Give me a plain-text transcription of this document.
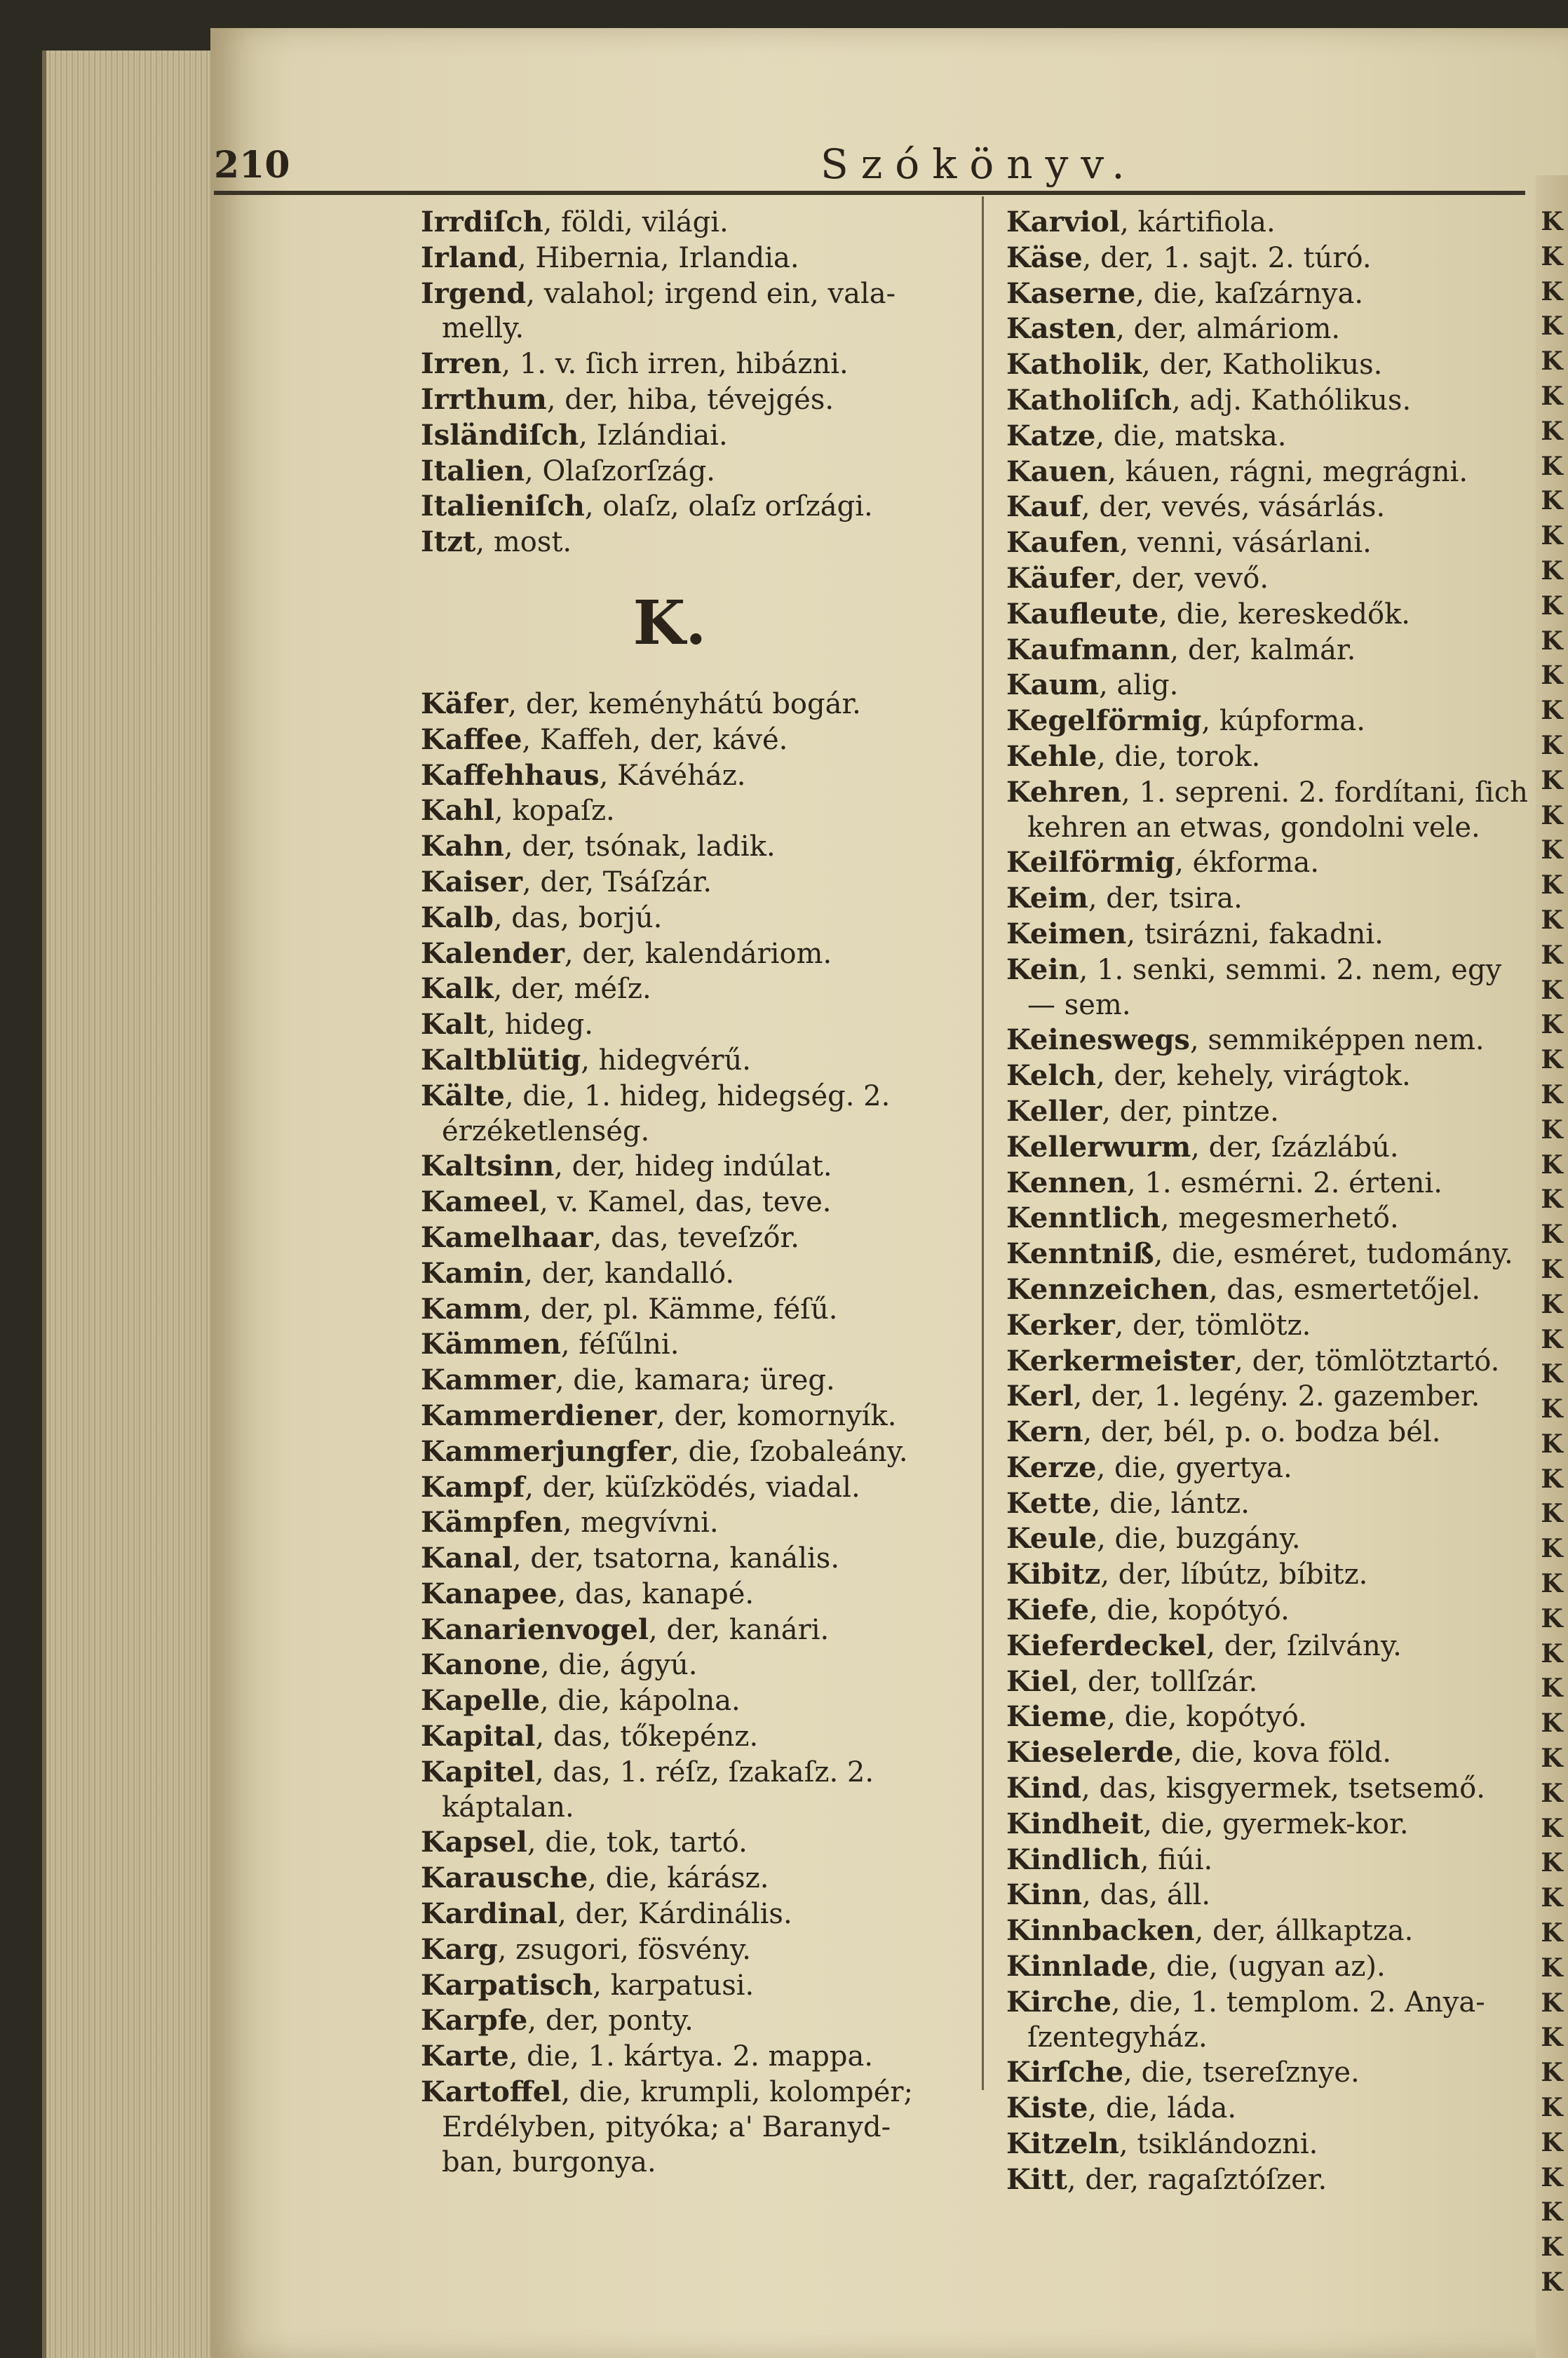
210	Szókönyv.
Irrdiſch, földi, világi.
Irland, Hibernia, Irlandia.
Irgend, valahol; irgend ein, vala-
melly.
Irren, 1. v. ſich irren, hibázni.
Irrthum, der, hiba, tévejgés.
Isländiſch, Izlándiai.
Italien, Olaſzorſzág.
Italieniſch, olaſz, olaſz orſzági.
Itzt, most.
K.
Käfer, der, keményhátú bogár.
Kaffee, Kaffeh, der, kávé.
Kaffehhaus, Kávéház.
Kahl, kopaſz.
Kahn, der, tsónak, ladik.
Kaiser, der, Tsáſzár.
Kalb, das, borjú.
Kalender, der, kalendáriom.
Kalk, der, méſz.
Kalt, hideg.
Kaltblütig, hidegvérű.
Kälte, die, 1. hideg, hidegség. 2.
érzéketlenség.
Kaltsinn, der, hideg indúlat.
Kameel, v. Kamel, das, teve.
Kamelhaar, das, teveſzőr.
Kamin, der, kandalló.
Kamm, der, pl. Kämme, féſű.
Kämmen, féſűlni.
Kammer, die, kamara; üreg.
Kammerdiener, der, komornyík.
Kammerjungfer, die, ſzobaleány.
Kampf, der, küſzködés, viadal.
Kämpfen, megvívni.
Kanal, der, tsatorna, kanális.
Kanapee, das, kanapé.
Kanarienvogel, der, kanári.
Kanone, die, ágyú.
Kapelle, die, kápolna.
Kapital, das, tőkepénz.
Kapitel, das, 1. réſz, ſzakaſz. 2.
káptalan.
Kapsel, die, tok, tartó.
Karausche, die, kárász.
Kardinal, der, Kárdinális.
Karg, zsugori, fösvény.
Karpatisch, karpatusi.
Karpfe, der, ponty.
Karte, die, 1. kártya. 2. mappa.
Kartoffel, die, krumpli, kolompér;
Erdélyben, pityóka; a' Baranyd-
ban, burgonya.
Karviol, kártifiola.
Käse, der, 1. sajt. 2. túró.
Kaserne, die, kaſzárnya.
Kasten, der, almáriom.
Katholik, der, Katholikus.
Katholiſch, adj. Kathólikus.
Katze, die, matska.
Kauen, káuen, rágni, megrágni.
Kauf, der, vevés, vásárlás.
Kaufen, venni, vásárlani.
Käufer, der, vevő.
Kaufleute, die, kereskedők.
Kaufmann, der, kalmár.
Kaum, alig.
Kegelförmig, kúpforma.
Kehle, die, torok.
Kehren, 1. sepreni. 2. fordítani, ſich
kehren an etwas, gondolni vele.
Keilförmig, ékforma.
Keim, der, tsira.
Keimen, tsirázni, fakadni.
Kein, 1. senki, semmi. 2. nem, egy
— sem.
Keineswegs, semmiképpen nem.
Kelch, der, kehely, virágtok.
Keller, der, pintze.
Kellerwurm, der, ſzázlábú.
Kennen, 1. esmérni. 2. érteni.
Kenntlich, megesmerhető.
Kenntniß, die, esméret, tudomány.
Kennzeichen, das, esmertetőjel.
Kerker, der, tömlötz.
Kerkermeister, der, tömlötztartó.
Kerl, der, 1. legény. 2. gazember.
Kern, der, bél, p. o. bodza bél.
Kerze, die, gyertya.
Kette, die, lántz.
Keule, die, buzgány.
Kibitz, der, líbútz, bíbitz.
Kiefe, die, kopótyó.
Kieferdeckel, der, ſzilvány.
Kiel, der, tollſzár.
Kieme, die, kopótyó.
Kieselerde, die, kova föld.
Kind, das, kisgyermek, tsetsemő.
Kindheit, die, gyermek-kor.
Kindlich, fiúi.
Kinn, das, áll.
Kinnbacken, der, állkaptza.
Kinnlade, die, (ugyan az).
Kirche, die, 1. templom. 2. Anya-
ſzentegyház.
Kirſche, die, tsereſznye.
Kiste, die, láda.
Kitzeln, tsiklándozni.
Kitt, der, ragaſztóſzer.
K
K
K
K
K
K
K
K
K
K
K
K
K
K
K
K
K
K
K
K
K
K
K
K
K
K
K
K
K
K
K
K
K
K
K
K
K
K
K
K
K
K
K
K
K
K
K
K
K
K
K
K
K
K
K
K
K
K
K
K
